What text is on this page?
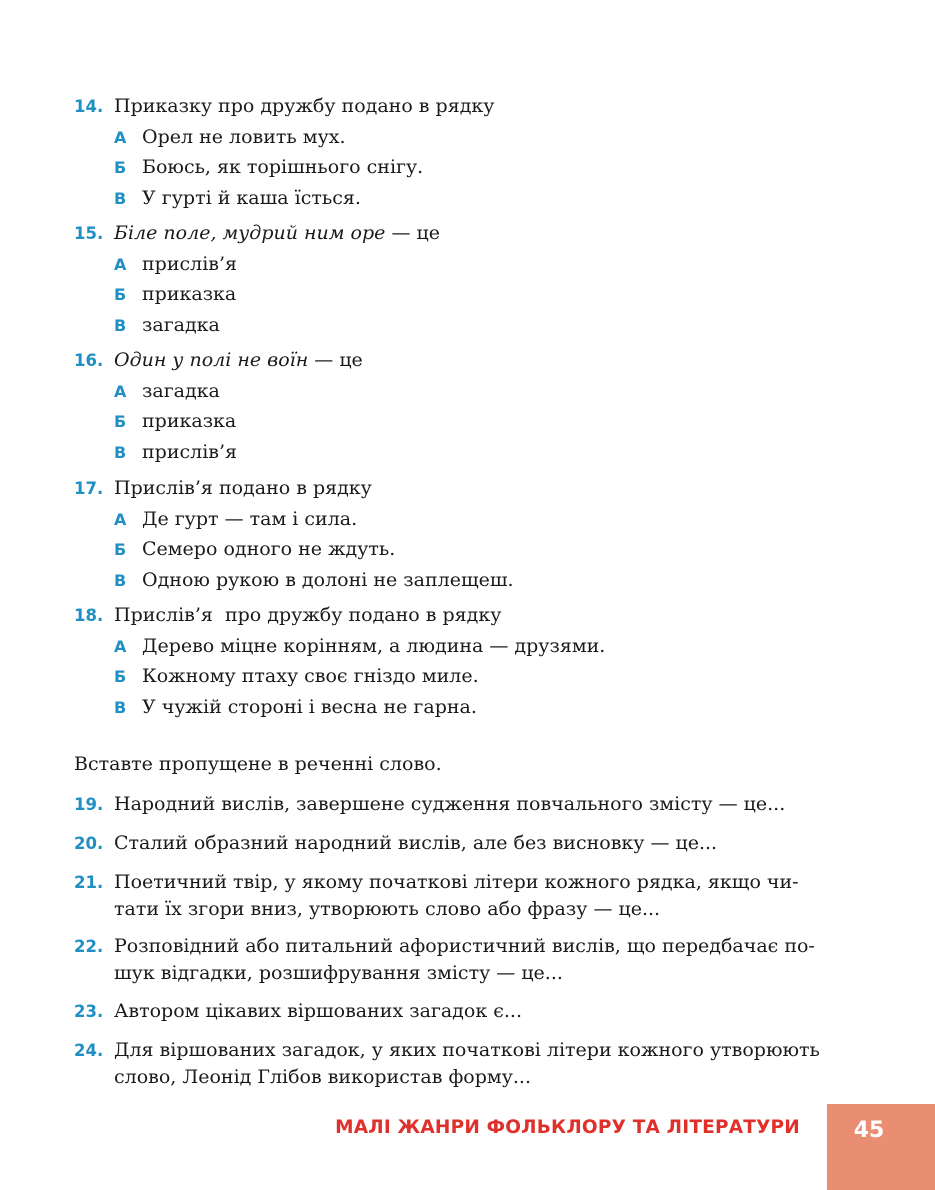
14. Приказку про дружбу подано в рядку
А Орел не ловить мух.
Б Боюсь, як торішнього снігу.
В У гурті й каша їсться.
15. Біле поле, мудрий ним оре — це
А прислів’я
Б приказка
В загадка
16. Один у полі не воїн — це
А загадка
Б приказка
В прислів’я
17. Прислів’я подано в рядку
А Де гурт — там і сила.
Б Семеро одного не ждуть.
В Одною рукою в долоні не заплещеш.
18. Прислів’я  про дружбу подано в рядку
А Дерево міцне корінням, а людина — друзями.
Б Кожному птаху своє гніздо миле.
В У чужій стороні і весна не гарна.
Вставте пропущене в реченні слово.
19. Народний вислів, завершене судження повчального змісту — це...
20. Сталий образний народний вислів, але без висновку — це...
21. Поетичний твір, у якому початкові літери кожного рядка, якщо чи-
тати їх згори вниз, утворюють слово або фразу — це...
22. Розповідний або питальний афористичний вислів, що передбачає по-
шук відгадки, розшифрування змісту — це...
23. Автором цікавих віршованих загадок є...
24. Для віршованих загадок, у яких початкові літери кожного утворюють
слово, Леонід Глібов використав форму...
МАЛІ ЖАНРИ ФОЛЬКЛОРУ ТА ЛІТЕРАТУРИ	45
